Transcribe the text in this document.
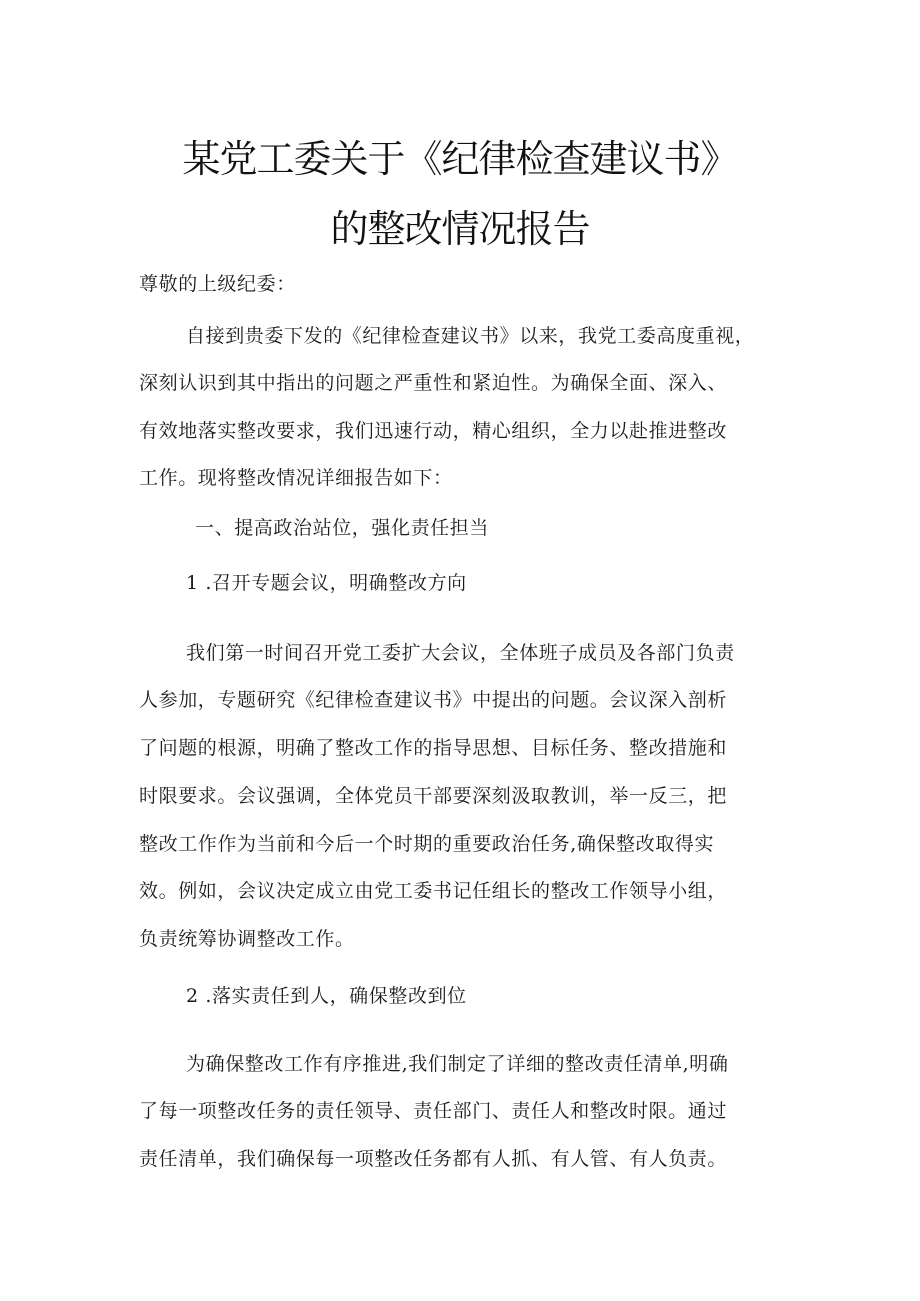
某党工委关于《纪律检查建议书》
的整改情况报告
尊敬的上级纪委：
自接到贵委下发的《纪律检查建议书》以来，我党工委高度重视，
深刻认识到其中指出的问题之严重性和紧迫性。为确保全面、深入、
有效地落实整改要求，我们迅速行动，精心组织，全力以赴推进整改
工作。现将整改情况详细报告如下：
一、提高政治站位，强化责任担当
1 .召开专题会议，明确整改方向
我们第一时间召开党工委扩大会议，全体班子成员及各部门负责
人参加，专题研究《纪律检查建议书》中提出的问题。会议深入剖析
了问题的根源，明确了整改工作的指导思想、目标任务、整改措施和
时限要求。会议强调，全体党员干部要深刻汲取教训，举一反三，把
整改工作作为当前和今后一个时期的重要政治任务,确保整改取得实
效。例如，会议决定成立由党工委书记任组长的整改工作领导小组，
负责统筹协调整改工作。
2 .落实责任到人，确保整改到位
为确保整改工作有序推进,我们制定了详细的整改责任清单,明确
了每一项整改任务的责任领导、责任部门、责任人和整改时限。通过
责任清单，我们确保每一项整改任务都有人抓、有人管、有人负责。
